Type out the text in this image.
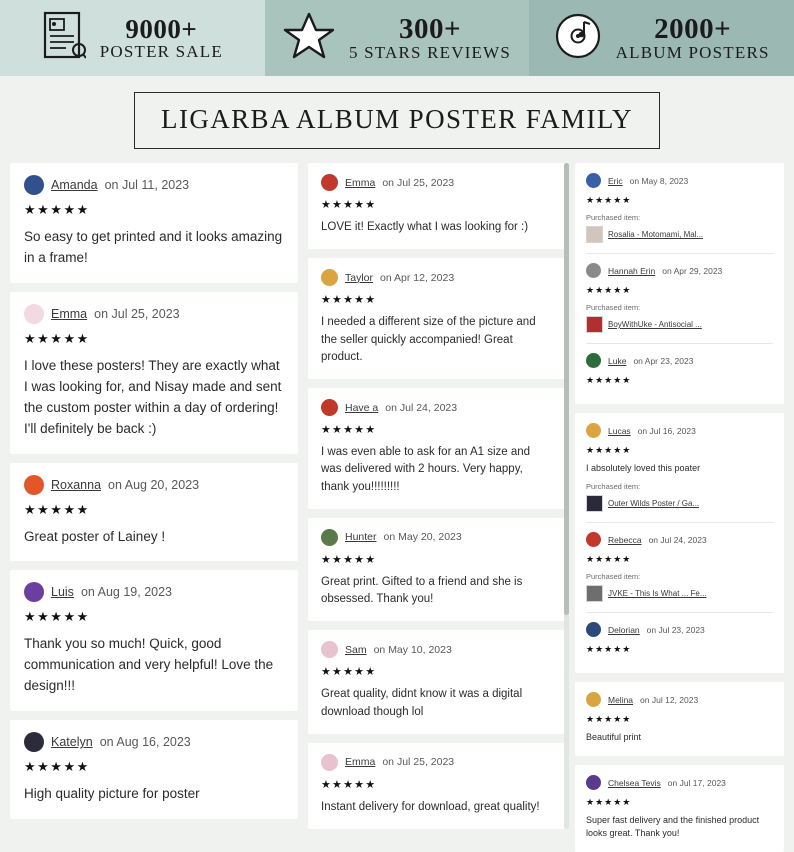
9000+
POSTER SALE
300+
5 STARS REVIEWS
2000+
ALBUM POSTERS
LIGARBA ALBUM POSTER FAMILY
Amanda on Jul 11, 2023
★★★★★
So easy to get printed and it looks amazing in a frame!
Emma on Jul 25, 2023
★★★★★
I love these posters! They are exactly what I was looking for, and Nisay made and sent the custom poster within a day of ordering! I'll definitely be back :)
Roxanna on Aug 20, 2023
★★★★★
Great poster of Lainey !
Luis on Aug 19, 2023
★★★★★
Thank you so much! Quick, good communication and very helpful! Love the design!!!
Katelyn on Aug 16, 2023
★★★★★
High quality picture for poster
Emma on Jul 25, 2023
★★★★★
LOVE it! Exactly what I was looking for :)
Taylor on Apr 12, 2023
★★★★★
I needed a different size of the picture and the seller quickly accompanied! Great product.
Have a on Jul 24, 2023
★★★★★
I was even able to ask for an A1 size and was delivered with 2 hours. Very happy, thank you!!!!!!!!!
Hunter on May 20, 2023
★★★★★
Great print. Gifted to a friend and she is obsessed. Thank you!
Sam on May 10, 2023
★★★★★
Great quality, didnt know it was a digital download though lol
Emma on Jul 25, 2023
★★★★★
Instant delivery for download, great quality!
Eric on May 8, 2023
★★★★★
Purchased item:
Rosalia - Motomami, Mal...
Hannah Erin on Apr 29, 2023
★★★★★
Purchased item:
BoyWithUke - Antisocial ...
Luke on Apr 23, 2023
★★★★★
Lucas on Jul 16, 2023
★★★★★
I absolutely loved this poater
Purchased item:
Outer Wilds Poster / Ga...
Rebecca on Jul 24, 2023
★★★★★
Purchased item:
JVKE - This Is What ... Fe...
Delorian on Jul 23, 2023
★★★★★
Melina on Jul 12, 2023
★★★★★
Beautiful print
Chelsea Tevis on Jul 17, 2023
★★★★★
Super fast delivery and the finished product looks great. Thank you!
